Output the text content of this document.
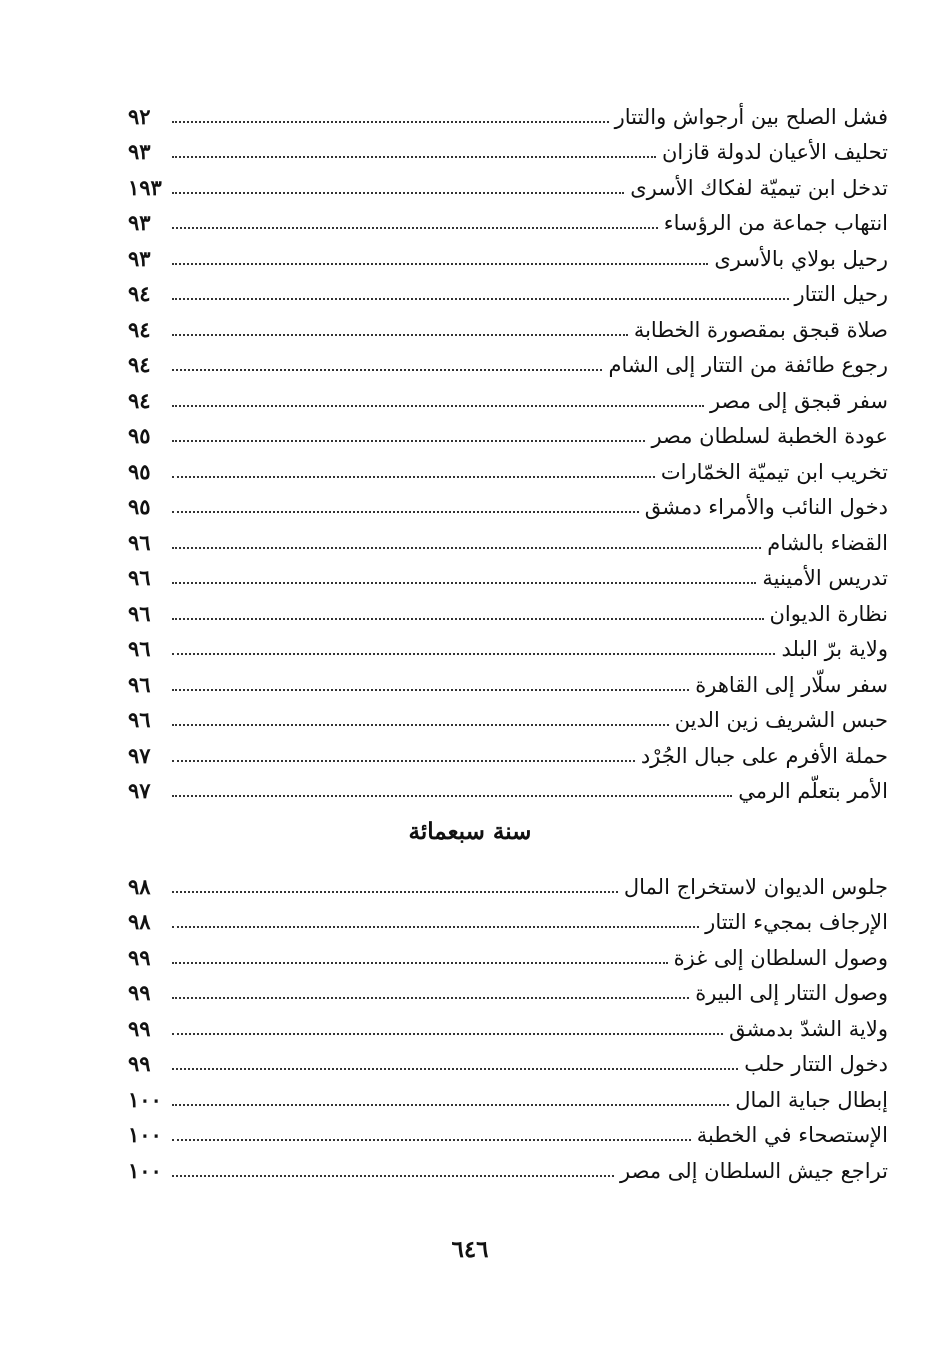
فشل الصلح بين أرجواش والتتار
٩٢
تحليف الأعيان لدولة قازان
٩٣
تدخل ابن تيميّة لفكاك الأسرى
١٩٣
انتهاب جماعة من الرؤساء
٩٣
رحيل بولاي بالأسرى
٩٣
رحيل التتار
٩٤
صلاة قبجق بمقصورة الخطابة
٩٤
رجوع طائفة من التتار إلى الشام
٩٤
سفر قبجق إلى مصر
٩٤
عودة الخطبة لسلطان مصر
٩٥
تخريب ابن تيميّة الخمّارات
٩٥
دخول النائب والأمراء دمشق
٩٥
القضاء بالشام
٩٦
تدريس الأمينية
٩٦
نظارة الديوان
٩٦
ولاية برّ البلد
٩٦
سفر سلّار إلى القاهرة
٩٦
حبس الشريف زين الدين
٩٦
حملة الأفرم على جبال الجُرْد
٩٧
الأمر بتعلّم الرمي
٩٧
سنة سبعمائة
جلوس الديوان لاستخراج المال
٩٨
الإرجاف بمجيء التتار
٩٨
وصول السلطان إلى غزة
٩٩
وصول التتار إلى البيرة
٩٩
ولاية الشدّ بدمشق
٩٩
دخول التتار حلب
٩٩
إبطال جباية المال
١٠٠
الإستصحاء في الخطبة
١٠٠
تراجع جيش السلطان إلى مصر
١٠٠
٦٤٦
